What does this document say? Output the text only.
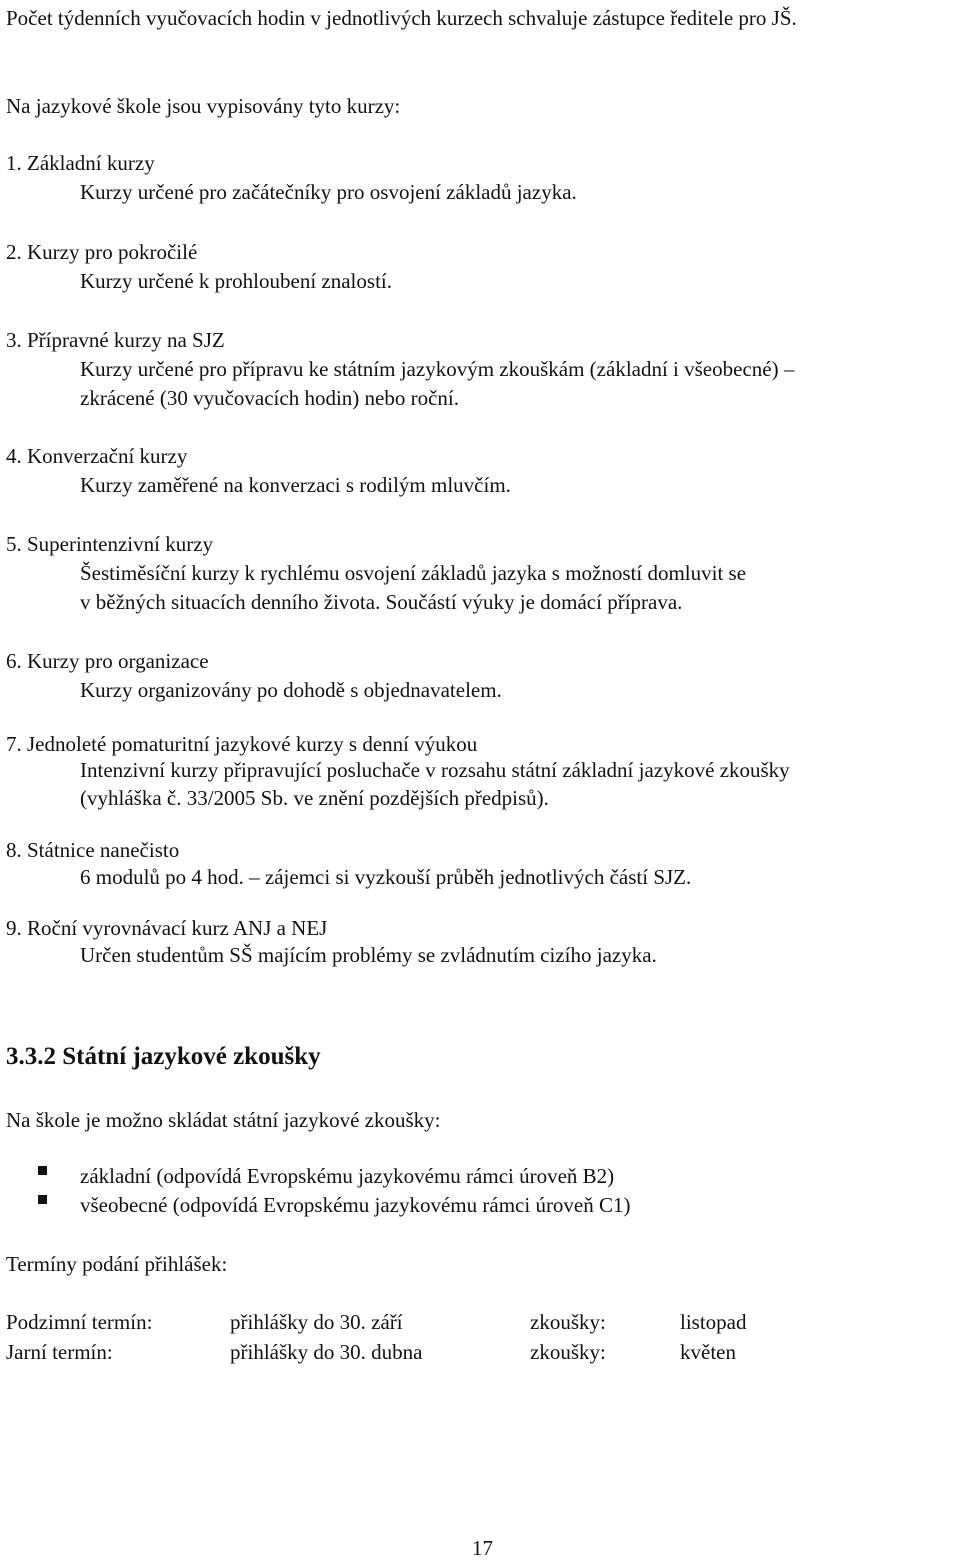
Počet týdenních vyučovacích hodin v jednotlivých kurzech schvaluje zástupce ředitele pro JŠ.
Na jazykové škole jsou vypisovány tyto kurzy:
1. Základní kurzy
Kurzy určené pro začátečníky pro osvojení základů jazyka.
2. Kurzy pro pokročilé
Kurzy určené k prohloubení znalostí.
3. Přípravné kurzy na SJZ
Kurzy určené pro přípravu ke státním jazykovým zkouškám (základní i všeobecné) –
zkrácené (30 vyučovacích hodin) nebo roční.
4. Konverzační kurzy
Kurzy zaměřené na konverzaci s rodilým mluvčím.
5. Superintenzivní kurzy
Šestiměsíční kurzy k rychlému osvojení základů jazyka s možností domluvit se
v běžných situacích denního života. Součástí výuky je domácí příprava.
6. Kurzy pro organizace
Kurzy organizovány po dohodě s objednavatelem.
7. Jednoleté pomaturitní jazykové kurzy s denní výukou
Intenzivní kurzy připravující posluchače v rozsahu státní základní jazykové zkoušky
(vyhláška č. 33/2005 Sb. ve znění pozdějších předpisů).
8. Státnice nanečisto
6 modulů po 4 hod. – zájemci si vyzkouší průběh jednotlivých částí SJZ.
9. Roční vyrovnávací kurz ANJ a NEJ
Určen studentům SŠ majícím problémy se zvládnutím cizího jazyka.
3.3.2 Státní jazykové zkoušky
Na škole je možno skládat státní jazykové zkoušky:
základní (odpovídá Evropskému jazykovému rámci úroveň B2)
všeobecné (odpovídá Evropskému jazykovému rámci úroveň C1)
Termíny podání přihlášek:
Podzimní termín:	přihlášky do 30. září	zkoušky:	listopad
Jarní termín:	přihlášky do 30. dubna	zkoušky:	květen
17
